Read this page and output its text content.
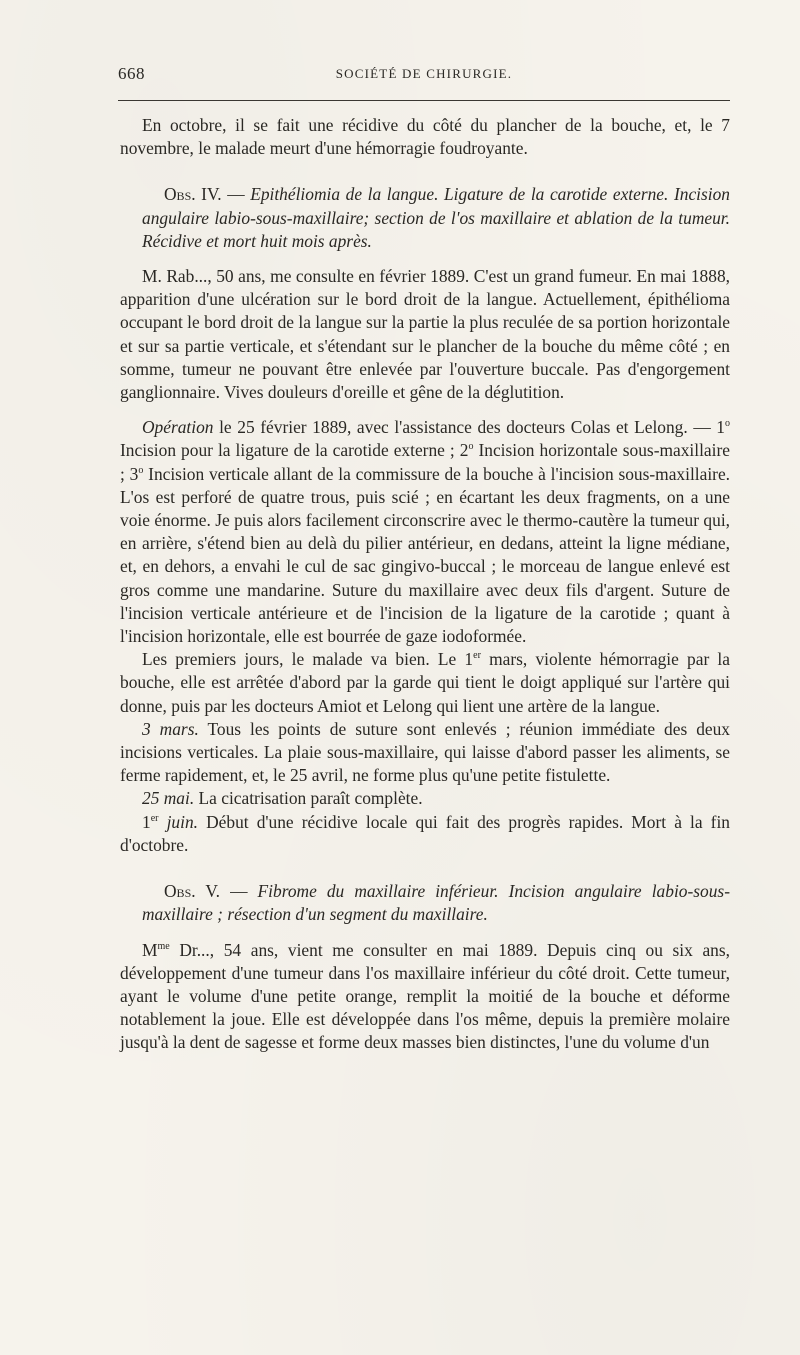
668	SOCIÉTÉ DE CHIRURGIE.

En octobre, il se fait une récidive du côté du plancher de la bouche, et, le 7 novembre, le malade meurt d'une hémorragie foudroyante.

Obs. IV. — Epithéliomia de la langue. Ligature de la carotide externe. Incision angulaire labio-sous-maxillaire; section de l'os maxillaire et ablation de la tumeur. Récidive et mort huit mois après.

M. Rab..., 50 ans, me consulte en février 1889. C'est un grand fumeur. En mai 1888, apparition d'une ulcération sur le bord droit de la langue. Actuellement, épithélioma occupant le bord droit de la langue sur la partie la plus reculée de sa portion horizontale et sur sa partie verticale, et s'étendant sur le plancher de la bouche du même côté ; en somme, tumeur ne pouvant être enlevée par l'ouverture buccale. Pas d'engorgement ganglionnaire. Vives douleurs d'oreille et gêne de la déglutition.

Opération le 25 février 1889, avec l'assistance des docteurs Colas et Lelong. — 1$^o$ Incision pour la ligature de la carotide externe ; 2$^o$ Incision horizontale sous-maxillaire ; 3$^o$ Incision verticale allant de la commissure de la bouche à l'incision sous-maxillaire. L'os est perforé de quatre trous, puis scié ; en écartant les deux fragments, on a une voie énorme. Je puis alors facilement circonscrire avec le thermo-cautère la tumeur qui, en arrière, s'étend bien au delà du pilier antérieur, en dedans, atteint la ligne médiane, et, en dehors, a envahi le cul de sac gingivo-buccal ; le morceau de langue enlevé est gros comme une mandarine. Suture du maxillaire avec deux fils d'argent. Suture de l'incision verticale antérieure et de l'incision de la ligature de la carotide ; quant à l'incision horizontale, elle est bourrée de gaze iodoformée.

Les premiers jours, le malade va bien. Le 1er mars, violente hémorragie par la bouche, elle est arrêtée d'abord par la garde qui tient le doigt appliqué sur l'artère qui donne, puis par les docteurs Amiot et Lelong qui lient une artère de la langue.

3 mars. Tous les points de suture sont enlevés ; réunion immédiate des deux incisions verticales. La plaie sous-maxillaire, qui laisse d'abord passer les aliments, se ferme rapidement, et, le 25 avril, ne forme plus qu'une petite fistulette.

25 mai. La cicatrisation paraît complète.

1er juin. Début d'une récidive locale qui fait des progrès rapides. Mort à la fin d'octobre.

Obs. V. — Fibrome du maxillaire inférieur. Incision angulaire labio-sous-maxillaire ; résection d'un segment du maxillaire.

$M^{me}$ Dr..., 54 ans, vient me consulter en mai 1889. Depuis cinq ou six ans, développement d'une tumeur dans l'os maxillaire inférieur du côté droit. Cette tumeur, ayant le volume d'une petite orange, remplit la moitié de la bouche et déforme notablement la joue. Elle est développée dans l'os même, depuis la première molaire jusqu'à la dent de sagesse et forme deux masses bien distinctes, l'une du volume d'un
